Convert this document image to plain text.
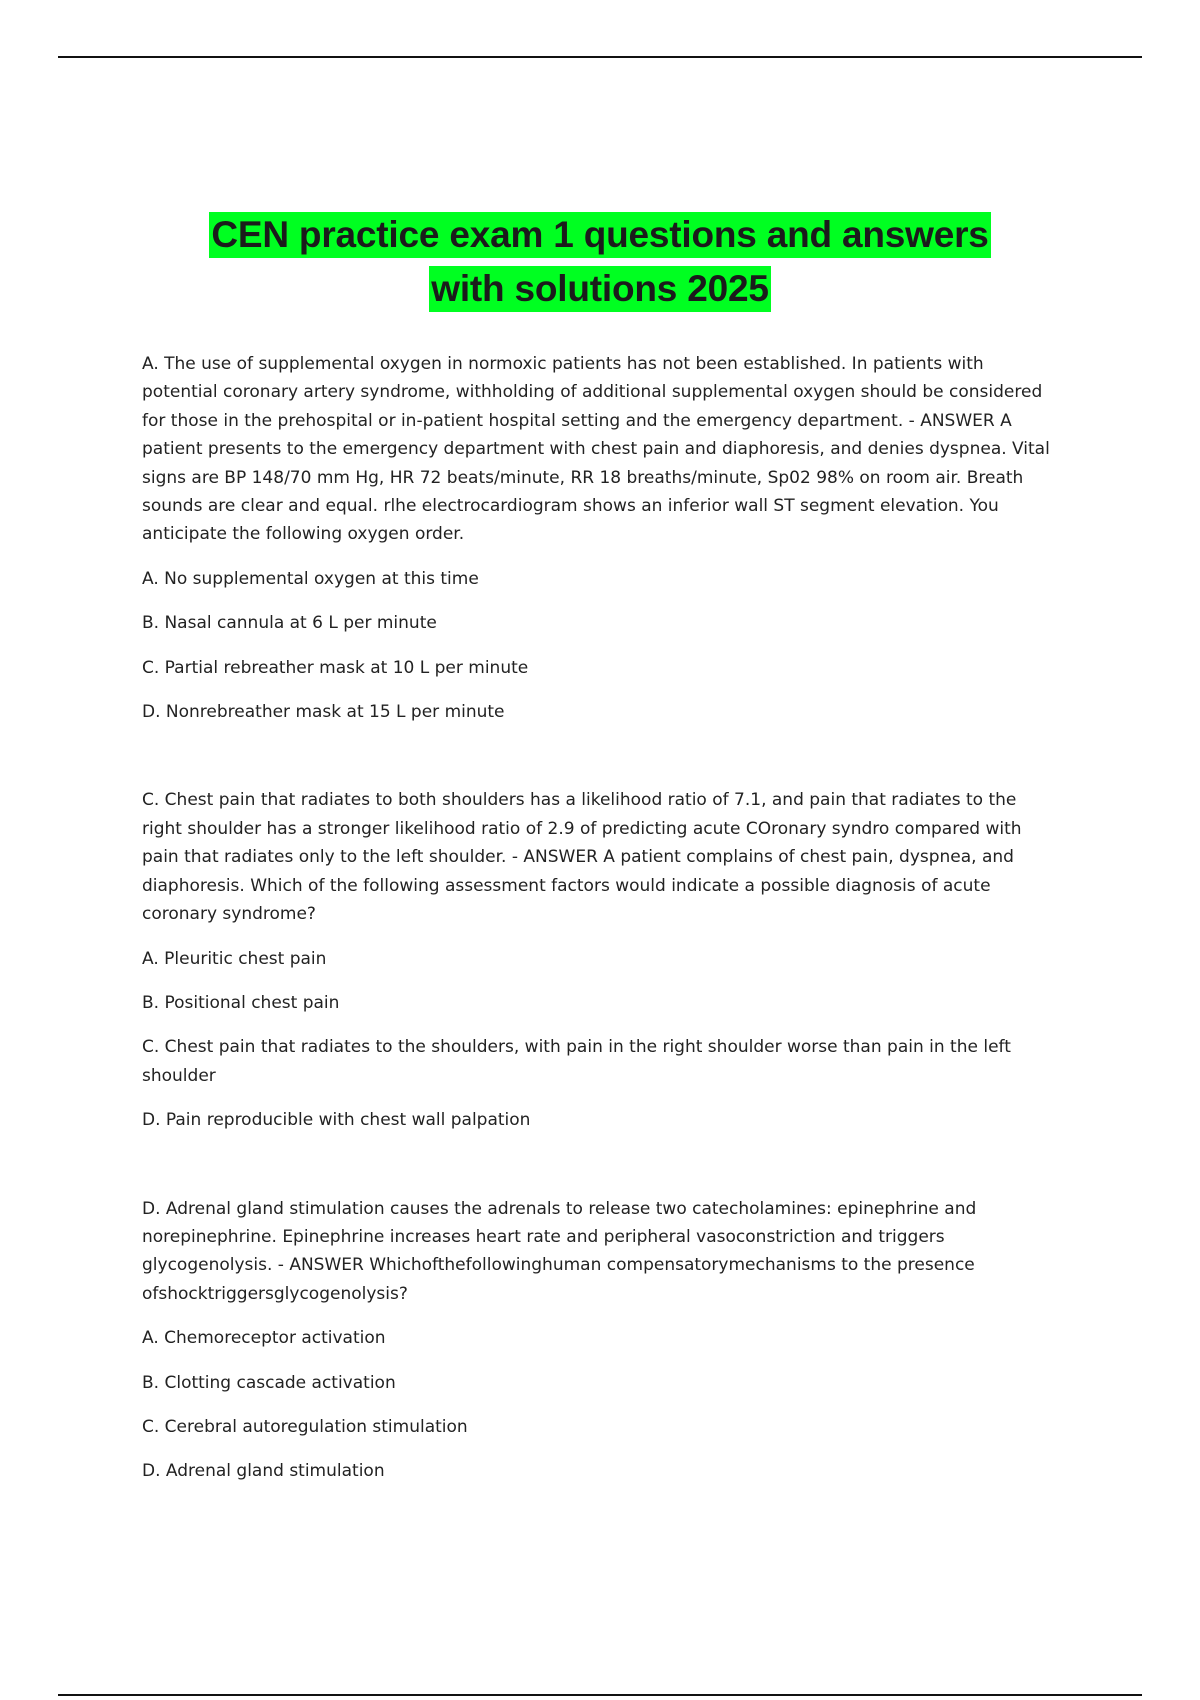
CEN practice exam 1 questions and answers
with solutions 2025

A. The use of supplemental oxygen in normoxic patients has not been established. In patients with potential coronary artery syndrome, withholding of additional supplemental oxygen should be considered for those in the prehospital or in-patient hospital setting and the emergency department. - ANSWER A patient presents to the emergency department with chest pain and diaphoresis, and denies dyspnea. Vital signs are BP 148/70 mm Hg, HR 72 beats/minute, RR 18 breaths/minute, Sp02 98% on room air. Breath sounds are clear and equal. rlhe electrocardiogram shows an inferior wall ST segment elevation. You anticipate the following oxygen order.

A. No supplemental oxygen at this time

B. Nasal cannula at 6 L per minute

C. Partial rebreather mask at 10 L per minute

D. Nonrebreather mask at 15 L per minute

C. Chest pain that radiates to both shoulders has a likelihood ratio of 7.1, and pain that radiates to the right shoulder has a stronger likelihood ratio of 2.9 of predicting acute COronary syndro compared with pain that radiates only to the left shoulder. - ANSWER A patient complains of chest pain, dyspnea, and diaphoresis. Which of the following assessment factors would indicate a possible diagnosis of acute coronary syndrome?

A. Pleuritic chest pain

B. Positional chest pain

C. Chest pain that radiates to the shoulders, with pain in the right shoulder worse than pain in the left shoulder

D. Pain reproducible with chest wall palpation

D. Adrenal gland stimulation causes the adrenals to release two catecholamines: epinephrine and norepinephrine. Epinephrine increases heart rate and peripheral vasoconstriction and triggers glycogenolysis. - ANSWER Whichofthefollowinghuman compensatorymechanisms to the presence ofshocktriggersglycogenolysis?

A. Chemoreceptor activation

B. Clotting cascade activation

C. Cerebral autoregulation stimulation

D. Adrenal gland stimulation
